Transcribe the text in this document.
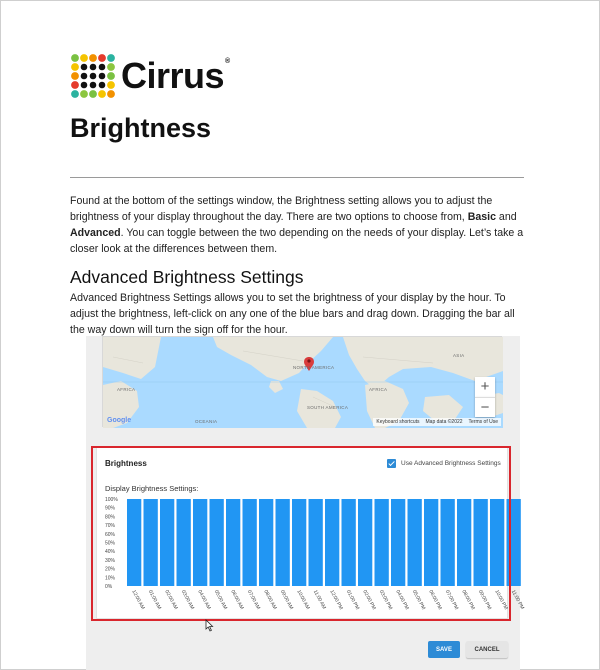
Cirrus®
Brightness

Found at the bottom of the settings window, the Brightness setting allows you to adjust the brightness of your display throughout the day. There are two options to choose from, Basic and Advanced. You can toggle between the two depending on the needs of your display. Let’s take a closer look at the differences between them.

Advanced Brightness Settings

Advanced Brightness Settings allows you to set the brightness of your display by the hour. To adjust the brightness, left-click on any one of the blue bars and drag down. Dragging the bar all the way down will turn the sign off for the hour.

NORTH AMERICA
AFRICA	AFRICA
SOUTH AMERICA
ASIA
OCEANIA
+
−
Google	Keyboard shortcuts Map data ©2022 Terms of Use
Brightness	Use Advanced Brightness Settings
Display Brightness Settings:
100%
90%
80%
70%
60%
50%
40%
30%
20%
10%
0%
12:00 AM 01:00 AM 02:00 AM 03:00 AM 04:00 AM 05:00 AM 06:00 AM 07:00 AM 08:00 AM 09:00 AM 10:00 AM 11:00 AM 12:00 PM 01:00 PM 02:00 PM 03:00 PM 04:00 PM 05:00 PM 06:00 PM 07:00 PM 08:00 PM 09:00 PM 10:00 PM 11:00 PM
SAVE	CANCEL
